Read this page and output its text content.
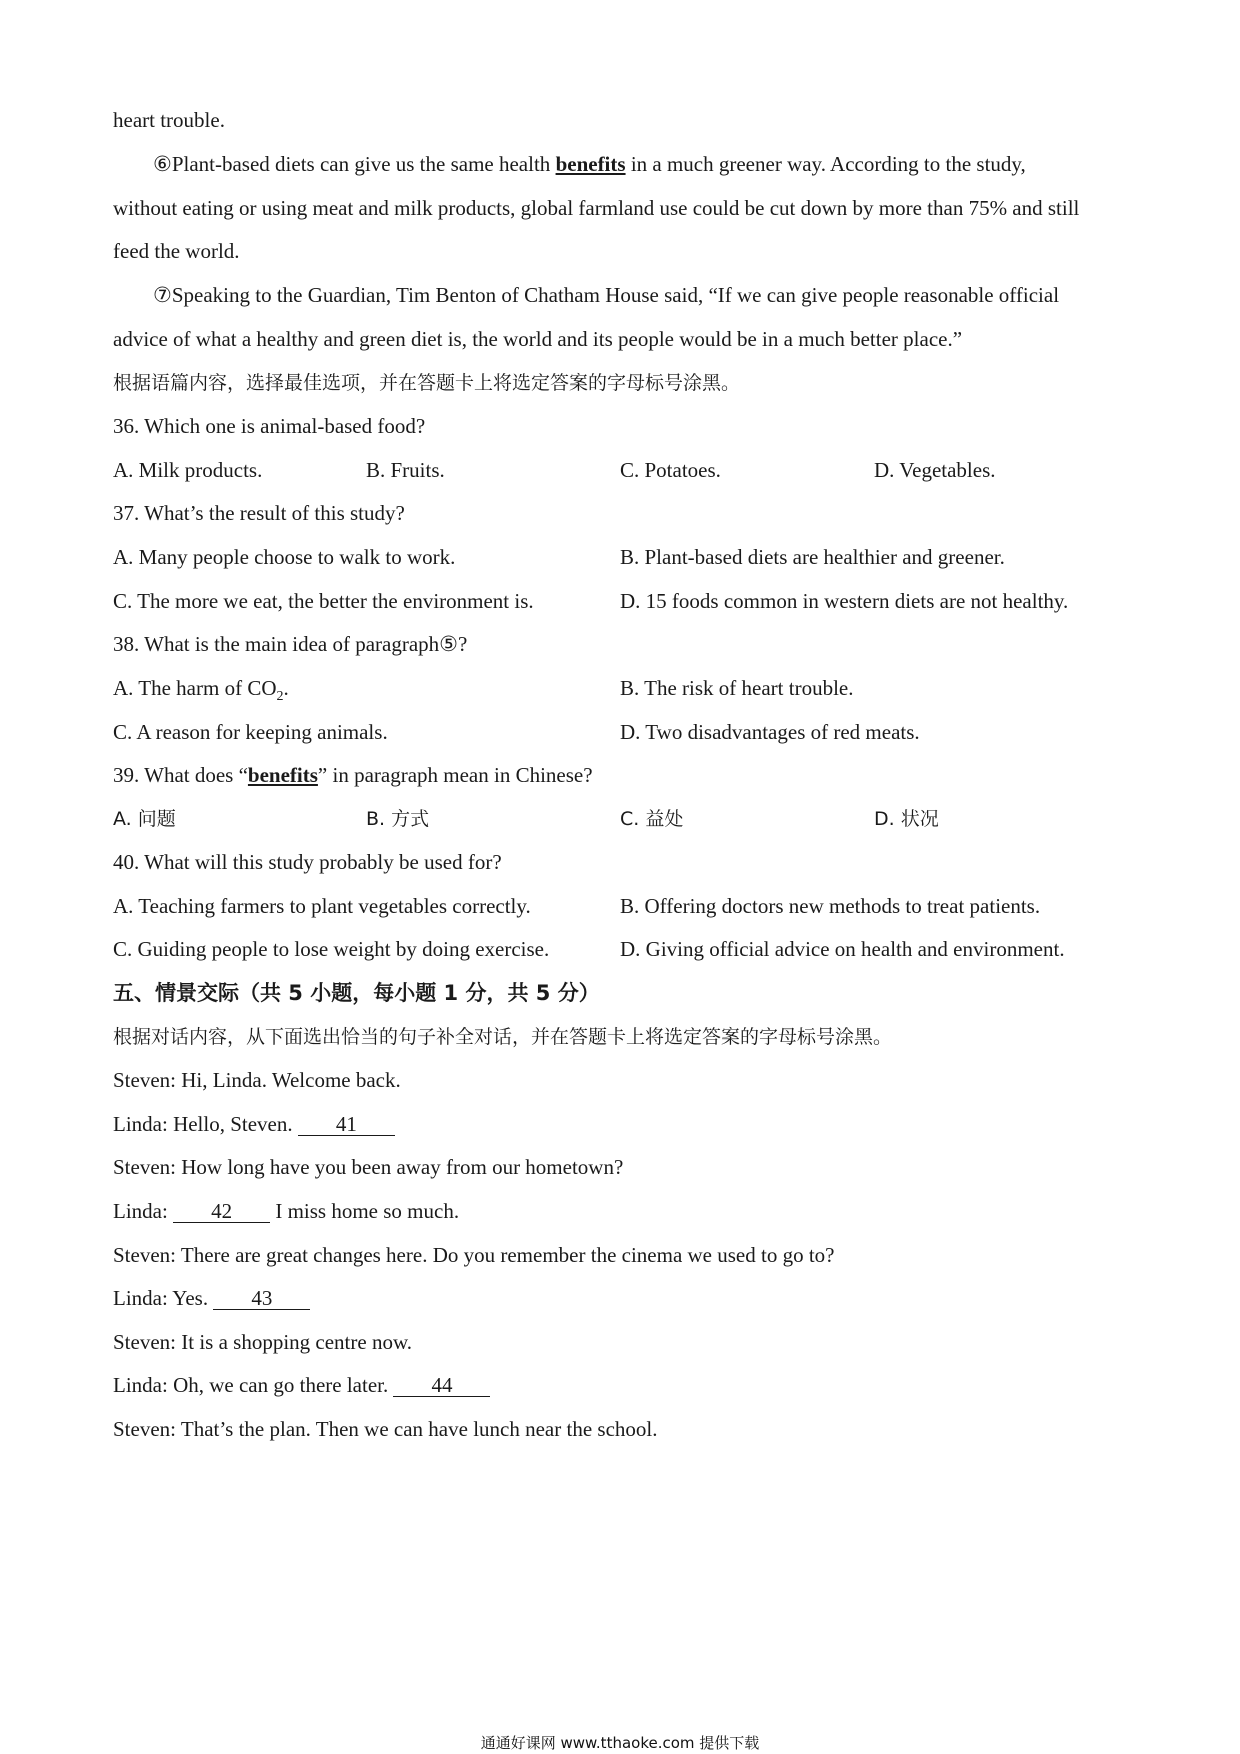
heart trouble.
⑥Plant-based diets can give us the same health benefits in a much greener way. According to the study,
without eating or using meat and milk products, global farmland use could be cut down by more than 75% and still
feed the world.
⑦Speaking to the Guardian, Tim Benton of Chatham House said, “If we can give people reasonable official
advice of what a healthy and green diet is, the world and its people would be in a much better place.”
根据语篇内容，选择最佳选项，并在答题卡上将选定答案的字母标号涂黑。
36. Which one is animal-based food?
A. Milk products.	B. Fruits.	C. Potatoes.	D. Vegetables.
37. What’s the result of this study?
A. Many people choose to walk to work.	B. Plant-based diets are healthier and greener.
C. The more we eat, the better the environment is.	D. 15 foods common in western diets are not healthy.
38. What is the main idea of paragraph⑤?
A. The harm of $CO_2$.	B. The risk of heart trouble.
C. A reason for keeping animals.	D. Two disadvantages of red meats.
39. What does “benefits” in paragraph mean in Chinese?
A. 问题	B. 方式	C. 益处	D. 状况
40. What will this study probably be used for?
A. Teaching farmers to plant vegetables correctly.	B. Offering doctors new methods to treat patients.
C. Guiding people to lose weight by doing exercise.	D. Giving official advice on health and environment.
五、情景交际（共 5 小题，每小题 1 分，共 5 分）
根据对话内容，从下面选出恰当的句子补全对话，并在答题卡上将选定答案的字母标号涂黑。
Steven: Hi, Linda. Welcome back.
Linda: Hello, Steven. 41
Steven: How long have you been away from our hometown?
Linda: 42 I miss home so much.
Steven: There are great changes here. Do you remember the cinema we used to go to?
Linda: Yes. 43
Steven: It is a shopping centre now.
Linda: Oh, we can go there later. 44
Steven: That’s the plan. Then we can have lunch near the school.
通通好课网 www.tthaoke.com 提供下载
